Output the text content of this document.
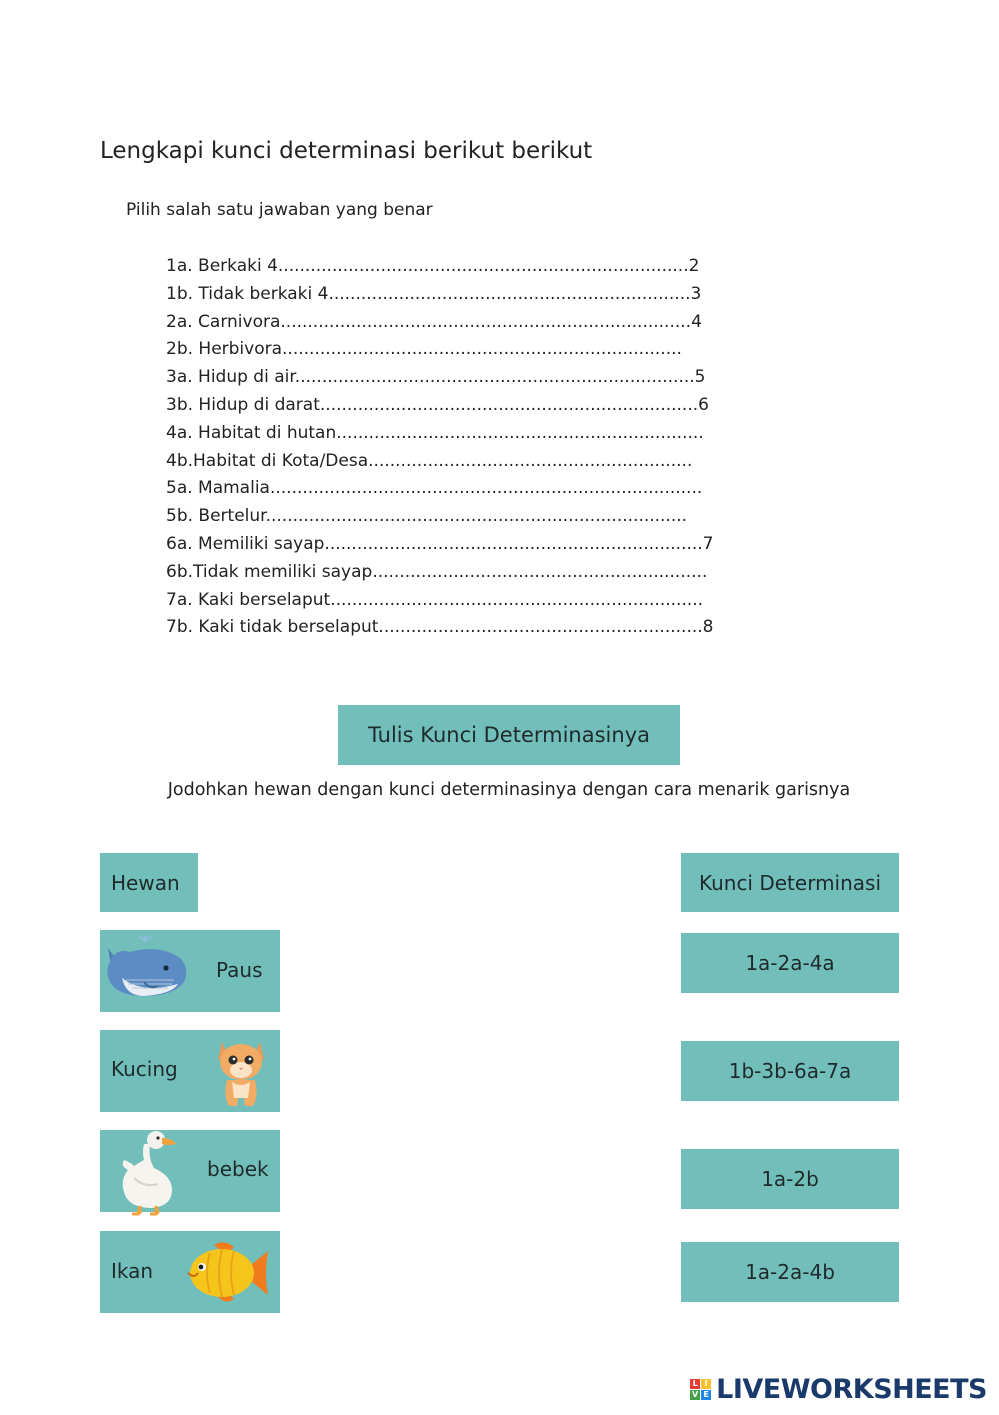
Lengkapi kunci determinasi berikut berikut
Pilih salah satu jawaban yang benar
1a. Berkaki 4............................................................................2
1b. Tidak berkaki 4...................................................................3
2a. Carnivora............................................................................4
2b. Herbivora..........................................................................
3a. Hidup di air..........................................................................5
3b. Hidup di darat......................................................................6
4a. Habitat di hutan....................................................................
4b.Habitat di Kota/Desa............................................................
5a. Mamalia................................................................................
5b. Bertelur..............................................................................
6a. Memiliki sayap......................................................................7
6b.Tidak memiliki sayap..............................................................
7a. Kaki berselaput.....................................................................
7b. Kaki tidak berselaput............................................................8
Tulis Kunci Determinasinya
Jodohkan hewan dengan kunci determinasinya dengan cara menarik garisnya
Hewan	Kunci Determinasi
Paus
Kucing
bebek
Ikan
1a-2a-4a
1b-3b-6a-7a
1a-2b
1a-2a-4b
L I
V E LIVEWORKSHEETS
